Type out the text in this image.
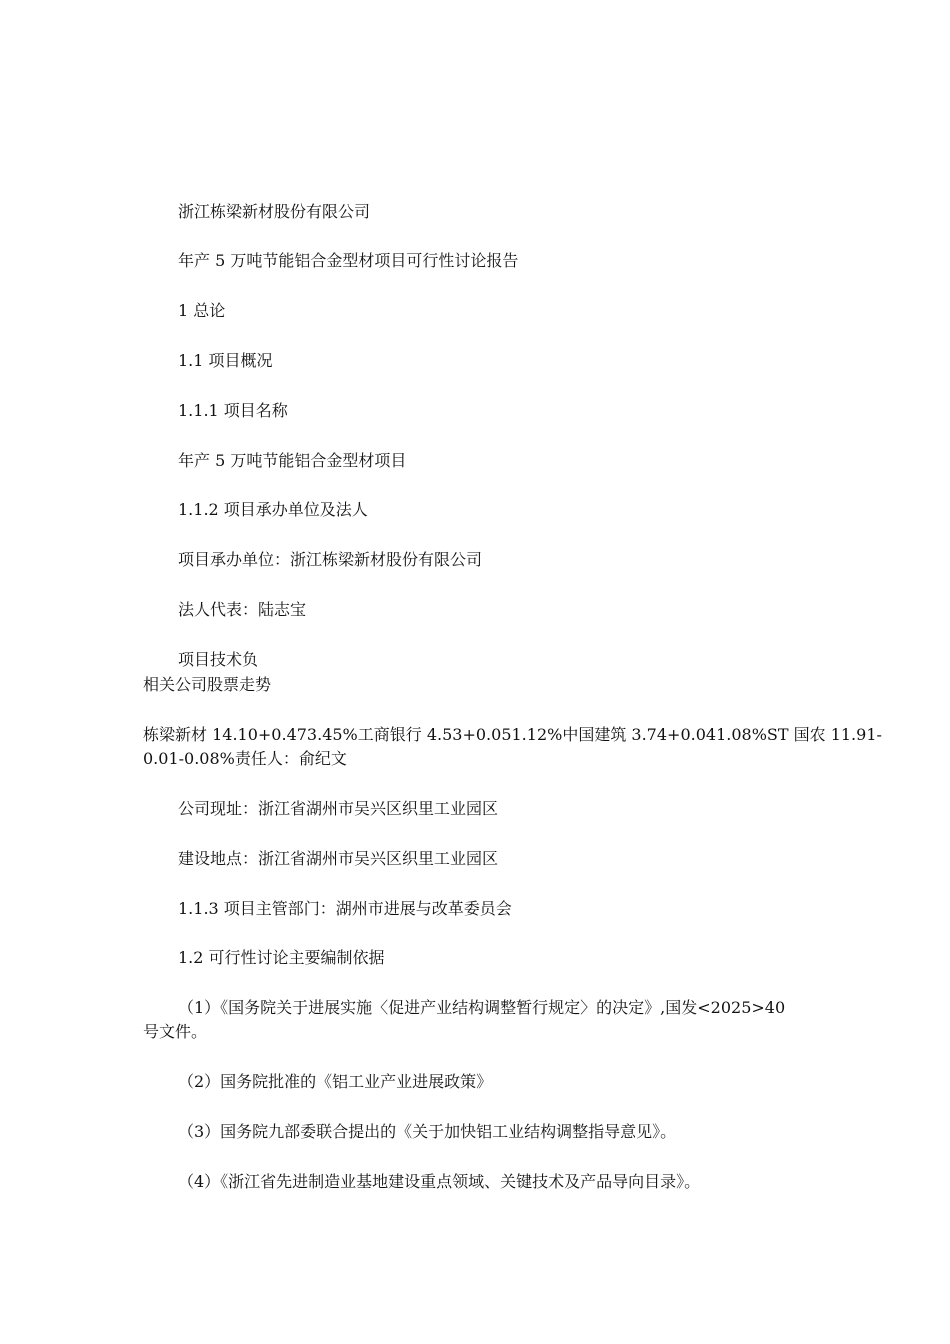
浙江栋梁新材股份有限公司
年产 5 万吨节能铝合金型材项目可行性讨论报告
1 总论
1.1 项目概况
1.1.1 项目名称
年产 5 万吨节能铝合金型材项目
1.1.2 项目承办单位及法人
项目承办单位：浙江栋梁新材股份有限公司
法人代表：陆志宝
项目技术负
相关公司股票走势
栋梁新材 14.10+0.473.45%工商银行 4.53+0.051.12%中国建筑 3.74+0.041.08%ST 国农 11.91-
0.01-0.08%责任人：俞纪文
公司现址：浙江省湖州市吴兴区织里工业园区
建设地点：浙江省湖州市吴兴区织里工业园区
1.1.3 项目主管部门：湖州市进展与改革委员会
1.2 可行性讨论主要编制依据
（1）《国务院关于进展实施〈促进产业结构调整暂行规定〉的决定》,国发<2025>40
号文件。
（2）国务院批准的《铝工业产业进展政策》
（3）国务院九部委联合提出的《关于加快铝工业结构调整指导意见》。
（4）《浙江省先进制造业基地建设重点领域、关键技术及产品导向目录》。
